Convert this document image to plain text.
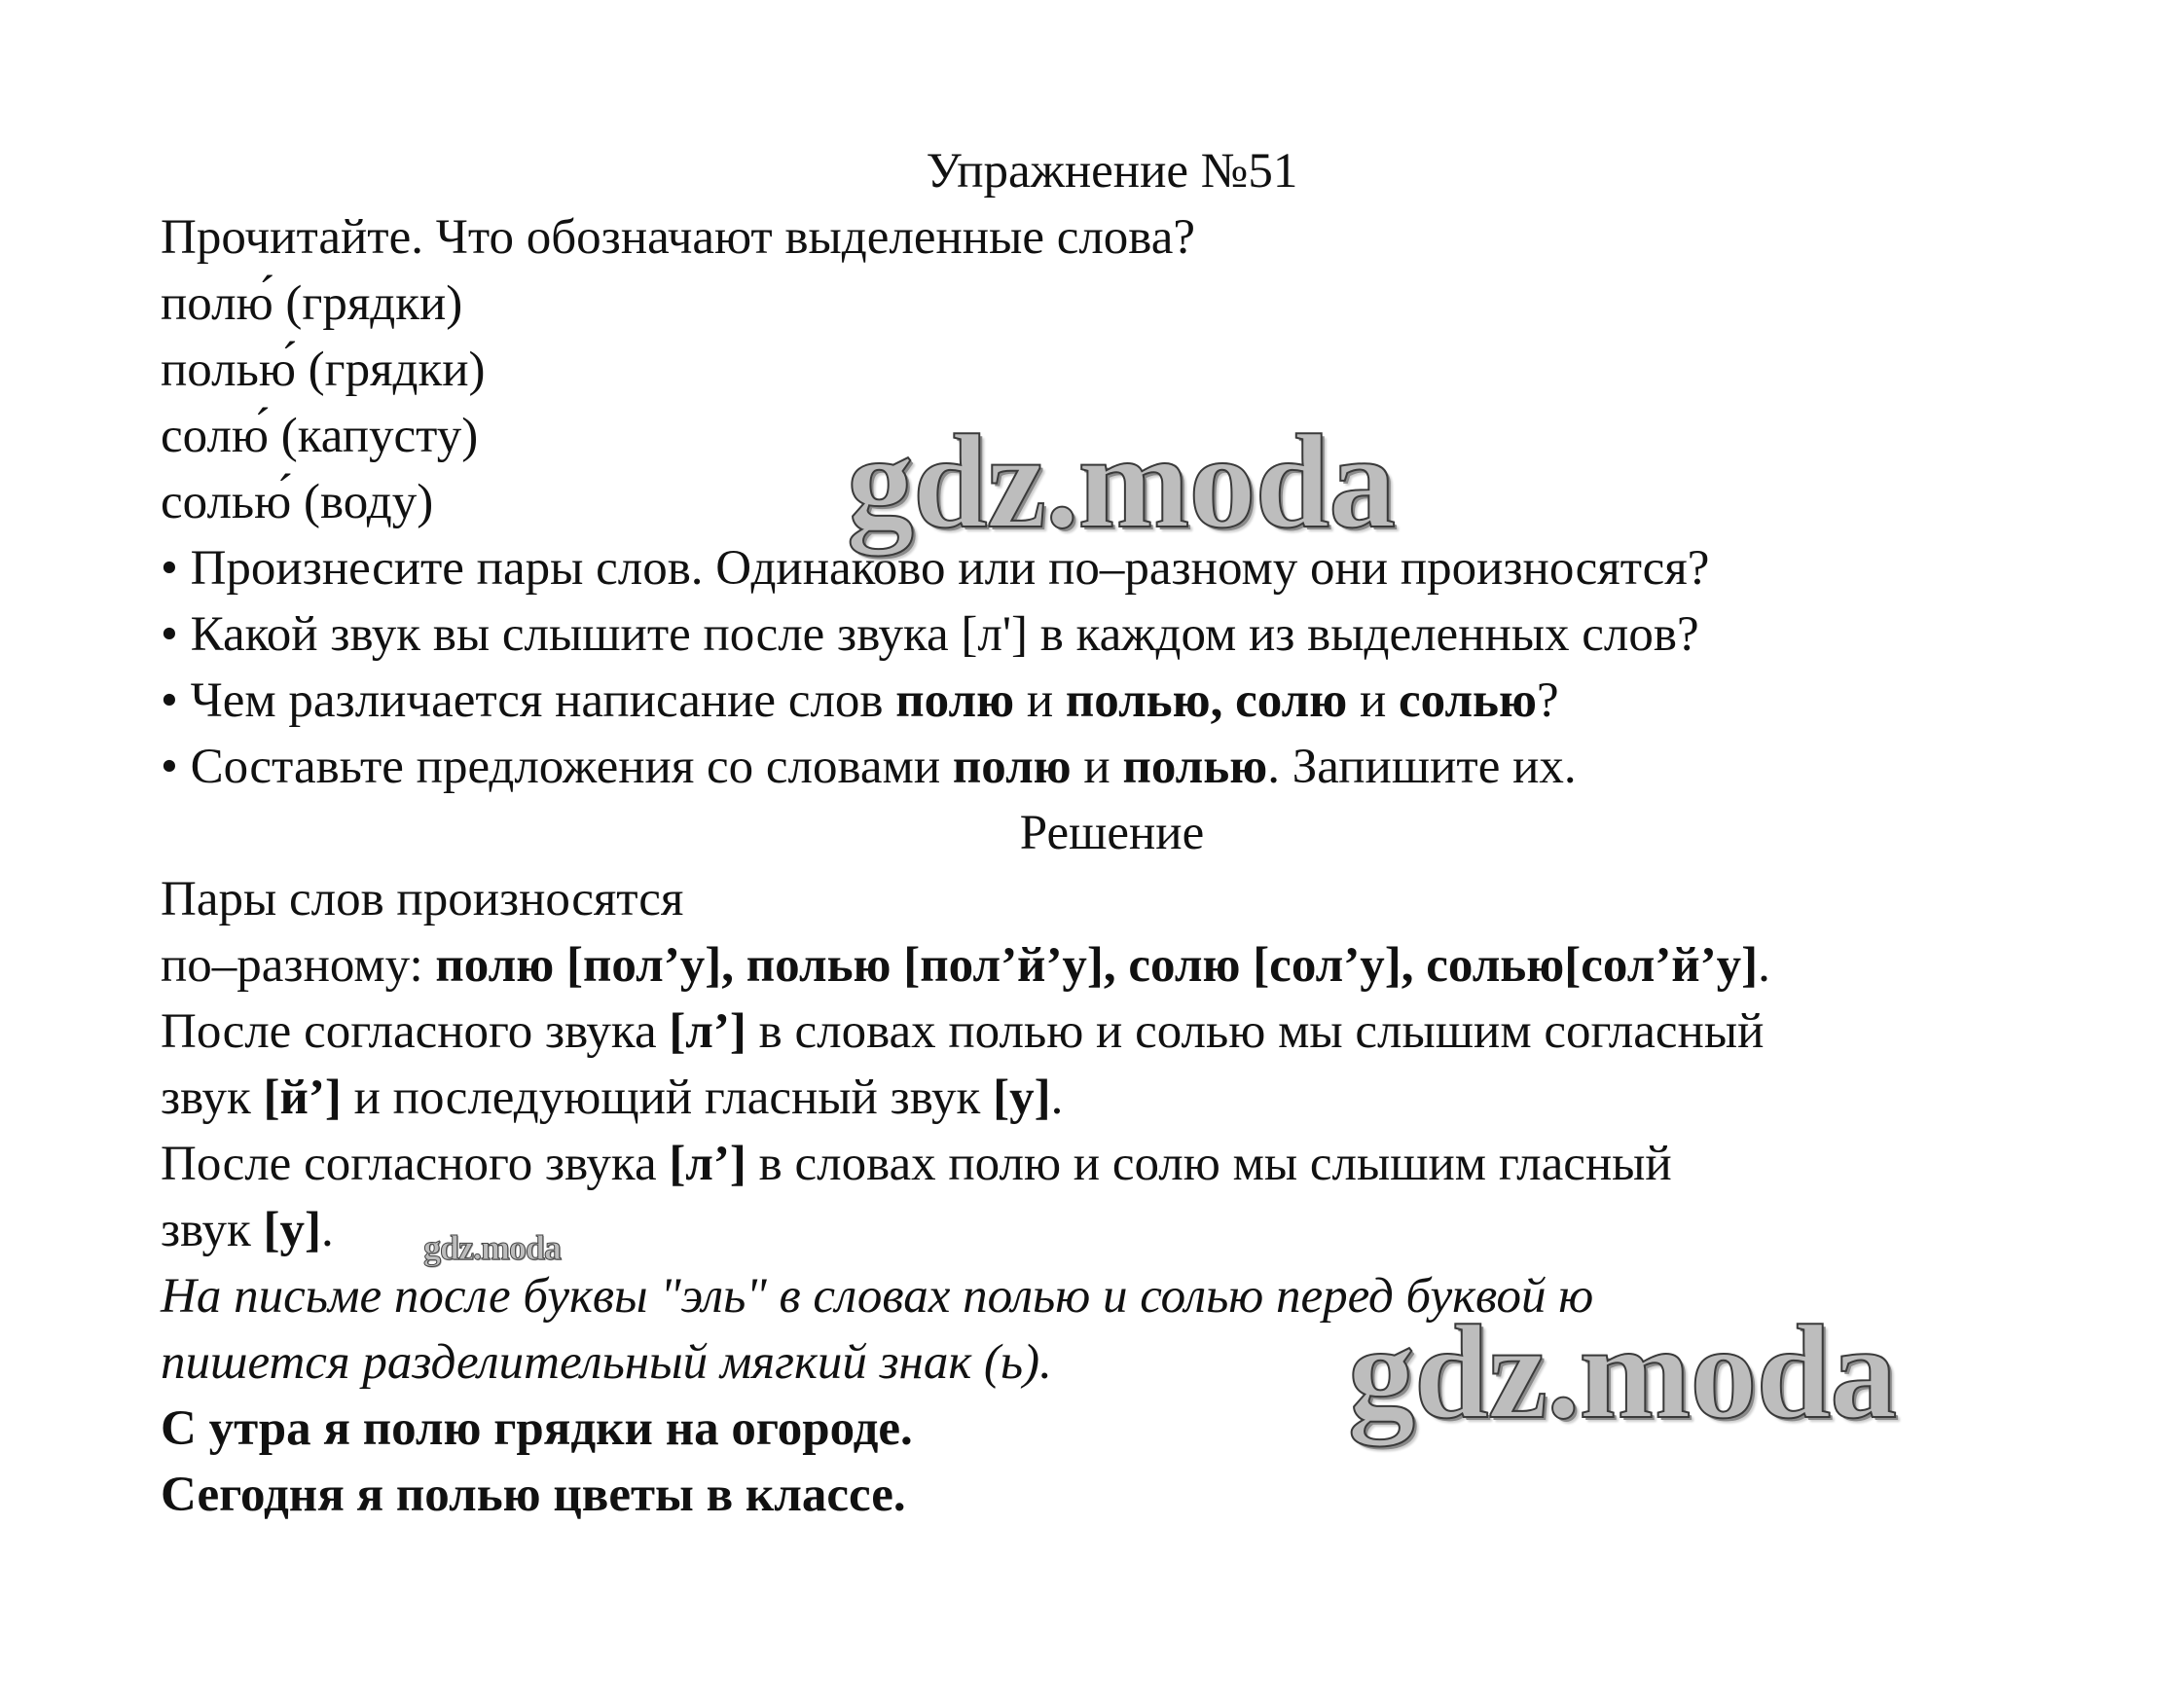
Упражнение №51
Прочитайте. Что обозначают выделенные слова?
полю́ (грядки)
полью́ (грядки)
солю́ (капусту)
солью́ (воду)
• Произнесите пары слов. Одинаково или по–разному они произносятся?
• Какой звук вы слышите после звука [л'] в каждом из выделенных слов?
• Чем различается написание слов полю и полью, солю и солью?
• Составьте предложения со словами полю и полью. Запишите их.
Решение
Пары слов произносятся
по–разному: полю [пол’у], полью [пол’й’у], солю [сол’у], солью[сол’й’у].
После согласного звука [л’] в словах полью и солью мы слышим согласный
звук [й’] и последующий гласный звук [у].
После согласного звука [л’] в словах полю и солю мы слышим гласный
звук [у].
На письме после буквы "эль" в словах полью и солью перед буквой ю
пишется разделительный мягкий знак (ь).
С утра я полю грядки на огороде.
Сегодня я полью цветы в классе.
gdz.moda
gdz.moda
gdz.moda
